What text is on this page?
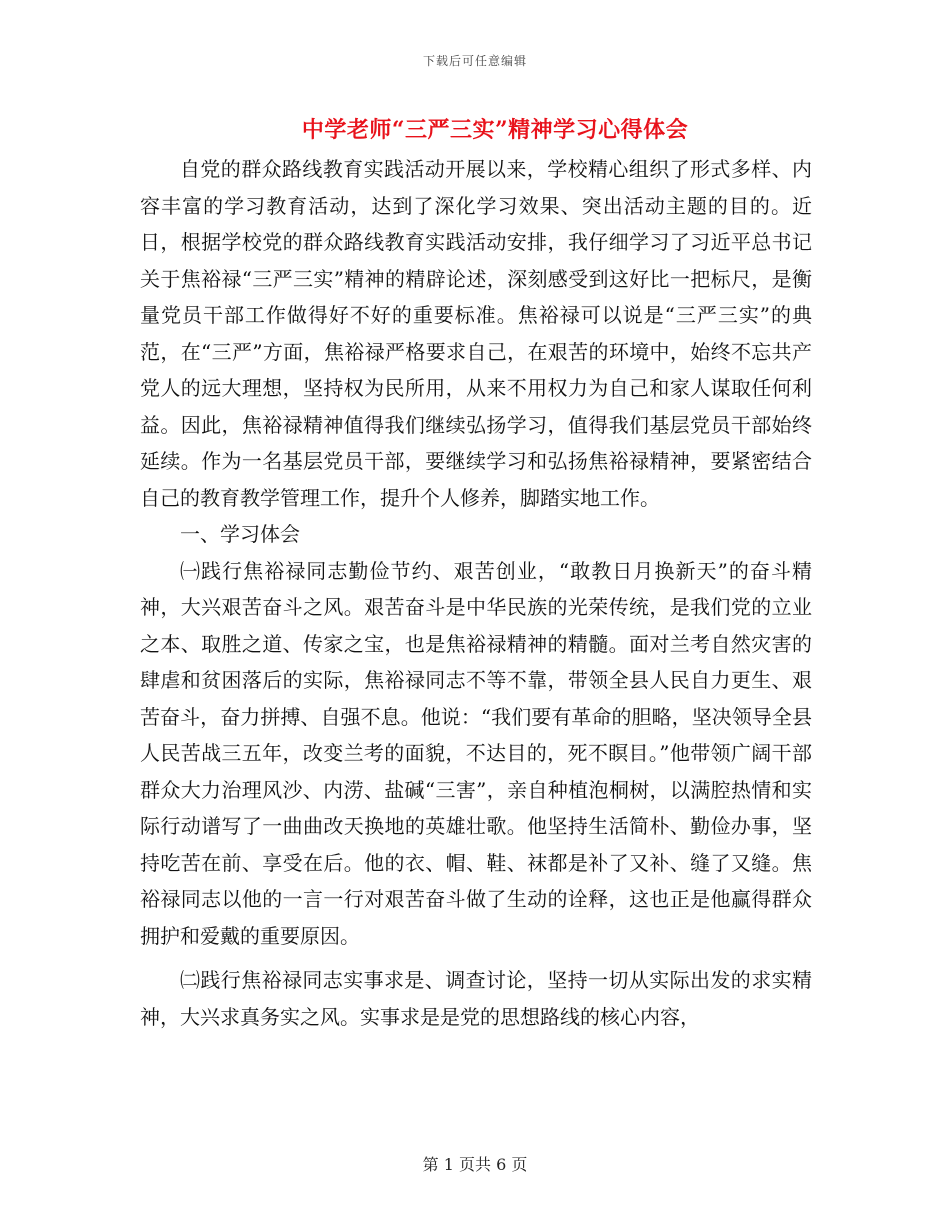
下载后可任意编辑
中学老师“三严三实”精神学习心得体会

自党的群众路线教育实践活动开展以来，学校精心组织了形式多样、内容丰富的学习教育活动，达到了深化学习效果、突出活动主题的目的。近日，根据学校党的群众路线教育实践活动安排，我仔细学习了习近平总书记关于焦裕禄“三严三实”精神的精辟论述，深刻感受到这好比一把标尺，是衡量党员干部工作做得好不好的重要标准。焦裕禄可以说是“三严三实”的典范，在“三严”方面，焦裕禄严格要求自己，在艰苦的环境中，始终不忘共产党人的远大理想，坚持权为民所用，从来不用权力为自己和家人谋取任何利益。因此，焦裕禄精神值得我们继续弘扬学习，值得我们基层党员干部始终延续。作为一名基层党员干部，要继续学习和弘扬焦裕禄精神，要紧密结合自己的教育教学管理工作，提升个人修养，脚踏实地工作。

一、学习体会

㈠践行焦裕禄同志勤俭节约、艰苦创业，“敢教日月换新天”的奋斗精神，大兴艰苦奋斗之风。艰苦奋斗是中华民族的光荣传统，是我们党的立业之本、取胜之道、传家之宝，也是焦裕禄精神的精髓。面对兰考自然灾害的肆虐和贫困落后的实际，焦裕禄同志不等不靠，带领全县人民自力更生、艰苦奋斗，奋力拼搏、自强不息。他说：“我们要有革命的胆略，坚决领导全县人民苦战三五年，改变兰考的面貌，不达目的，死不瞑目。”他带领广阔干部群众大力治理风沙、内涝、盐碱“三害”，亲自种植泡桐树，以满腔热情和实际行动谱写了一曲曲改天换地的英雄壮歌。他坚持生活简朴、勤俭办事，坚持吃苦在前、享受在后。他的衣、帽、鞋、袜都是补了又补、缝了又缝。焦裕禄同志以他的一言一行对艰苦奋斗做了生动的诠释，这也正是他赢得群众拥护和爱戴的重要原因。

㈡践行焦裕禄同志实事求是、调查讨论，坚持一切从实际出发的求实精神，大兴求真务实之风。实事求是是党的思想路线的核心内容，

第 1 页共 6 页
